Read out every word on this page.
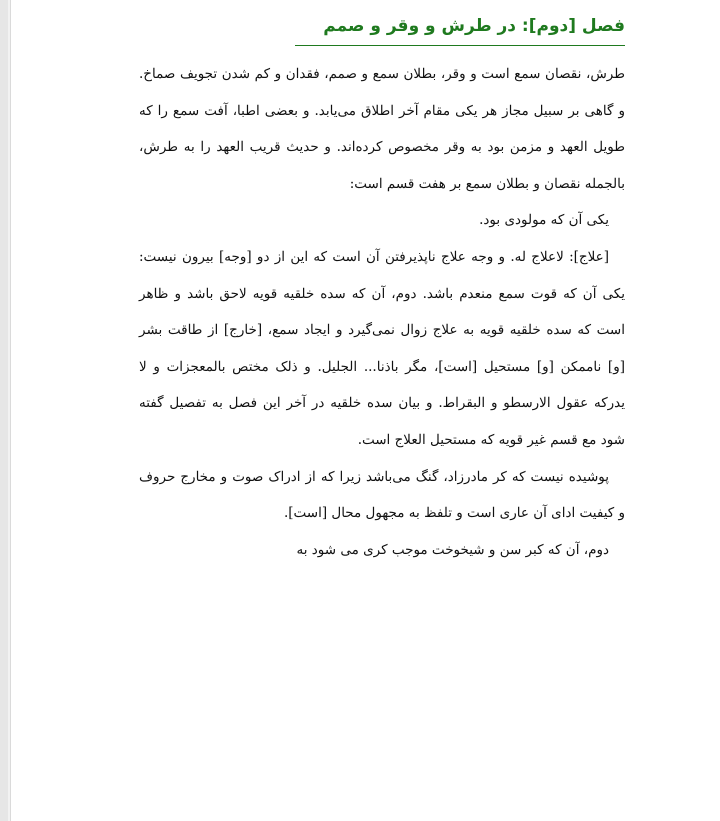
فصل [دوم]: در طرش و وقر و صمم

طرش، نقصان سمع است و وقر، بطلان سمع و صمم، فقدان و کم شدن تجویف صماخ. و گاهی بر سبیل مجاز هر یکی مقام آخر اطلاق می‌یابد. و بعضی اطبا، آفت سمع را که طویل العهد و مزمن بود به وقر مخصوص کرده‌اند. و حدیث قریب العهد را به طرش، بالجمله نقصان و بطلان سمع بر هفت قسم است:

یکی آن که مولودی بود.

[علاج]: لاعلاج له. و وجه علاج ناپذیرفتن آن است که این از دو [وجه] بیرون نیست: یکی آن که قوت سمع منعدم باشد. دوم، آن که سده خلقیه قویه لاحق باشد و ظاهر است که سده خلقیه قویه به علاج زوال نمی‌گیرد و ایجاد سمع، [خارج] از طاقت بشر [و] ناممکن [و] مستحیل [است]، مگر باذنا... الجلیل. و ذلک مختص بالمعجزات و لا یدرکه عقول الارسطو و البقراط. و بیان سده خلقیه در آخر این فصل به تفصیل گفته شود مع قسم غیر قویه که مستحیل العلاج است.

پوشیده نیست که کر مادرزاد، گنگ می‌باشد زیرا که از ادراک صوت و مخارج حروف و کیفیت ادای آن عاری است و تلفظ به مجهول محال [است].

دوم، آن که کبر سن و شیخوخت موجب کری می شود به
